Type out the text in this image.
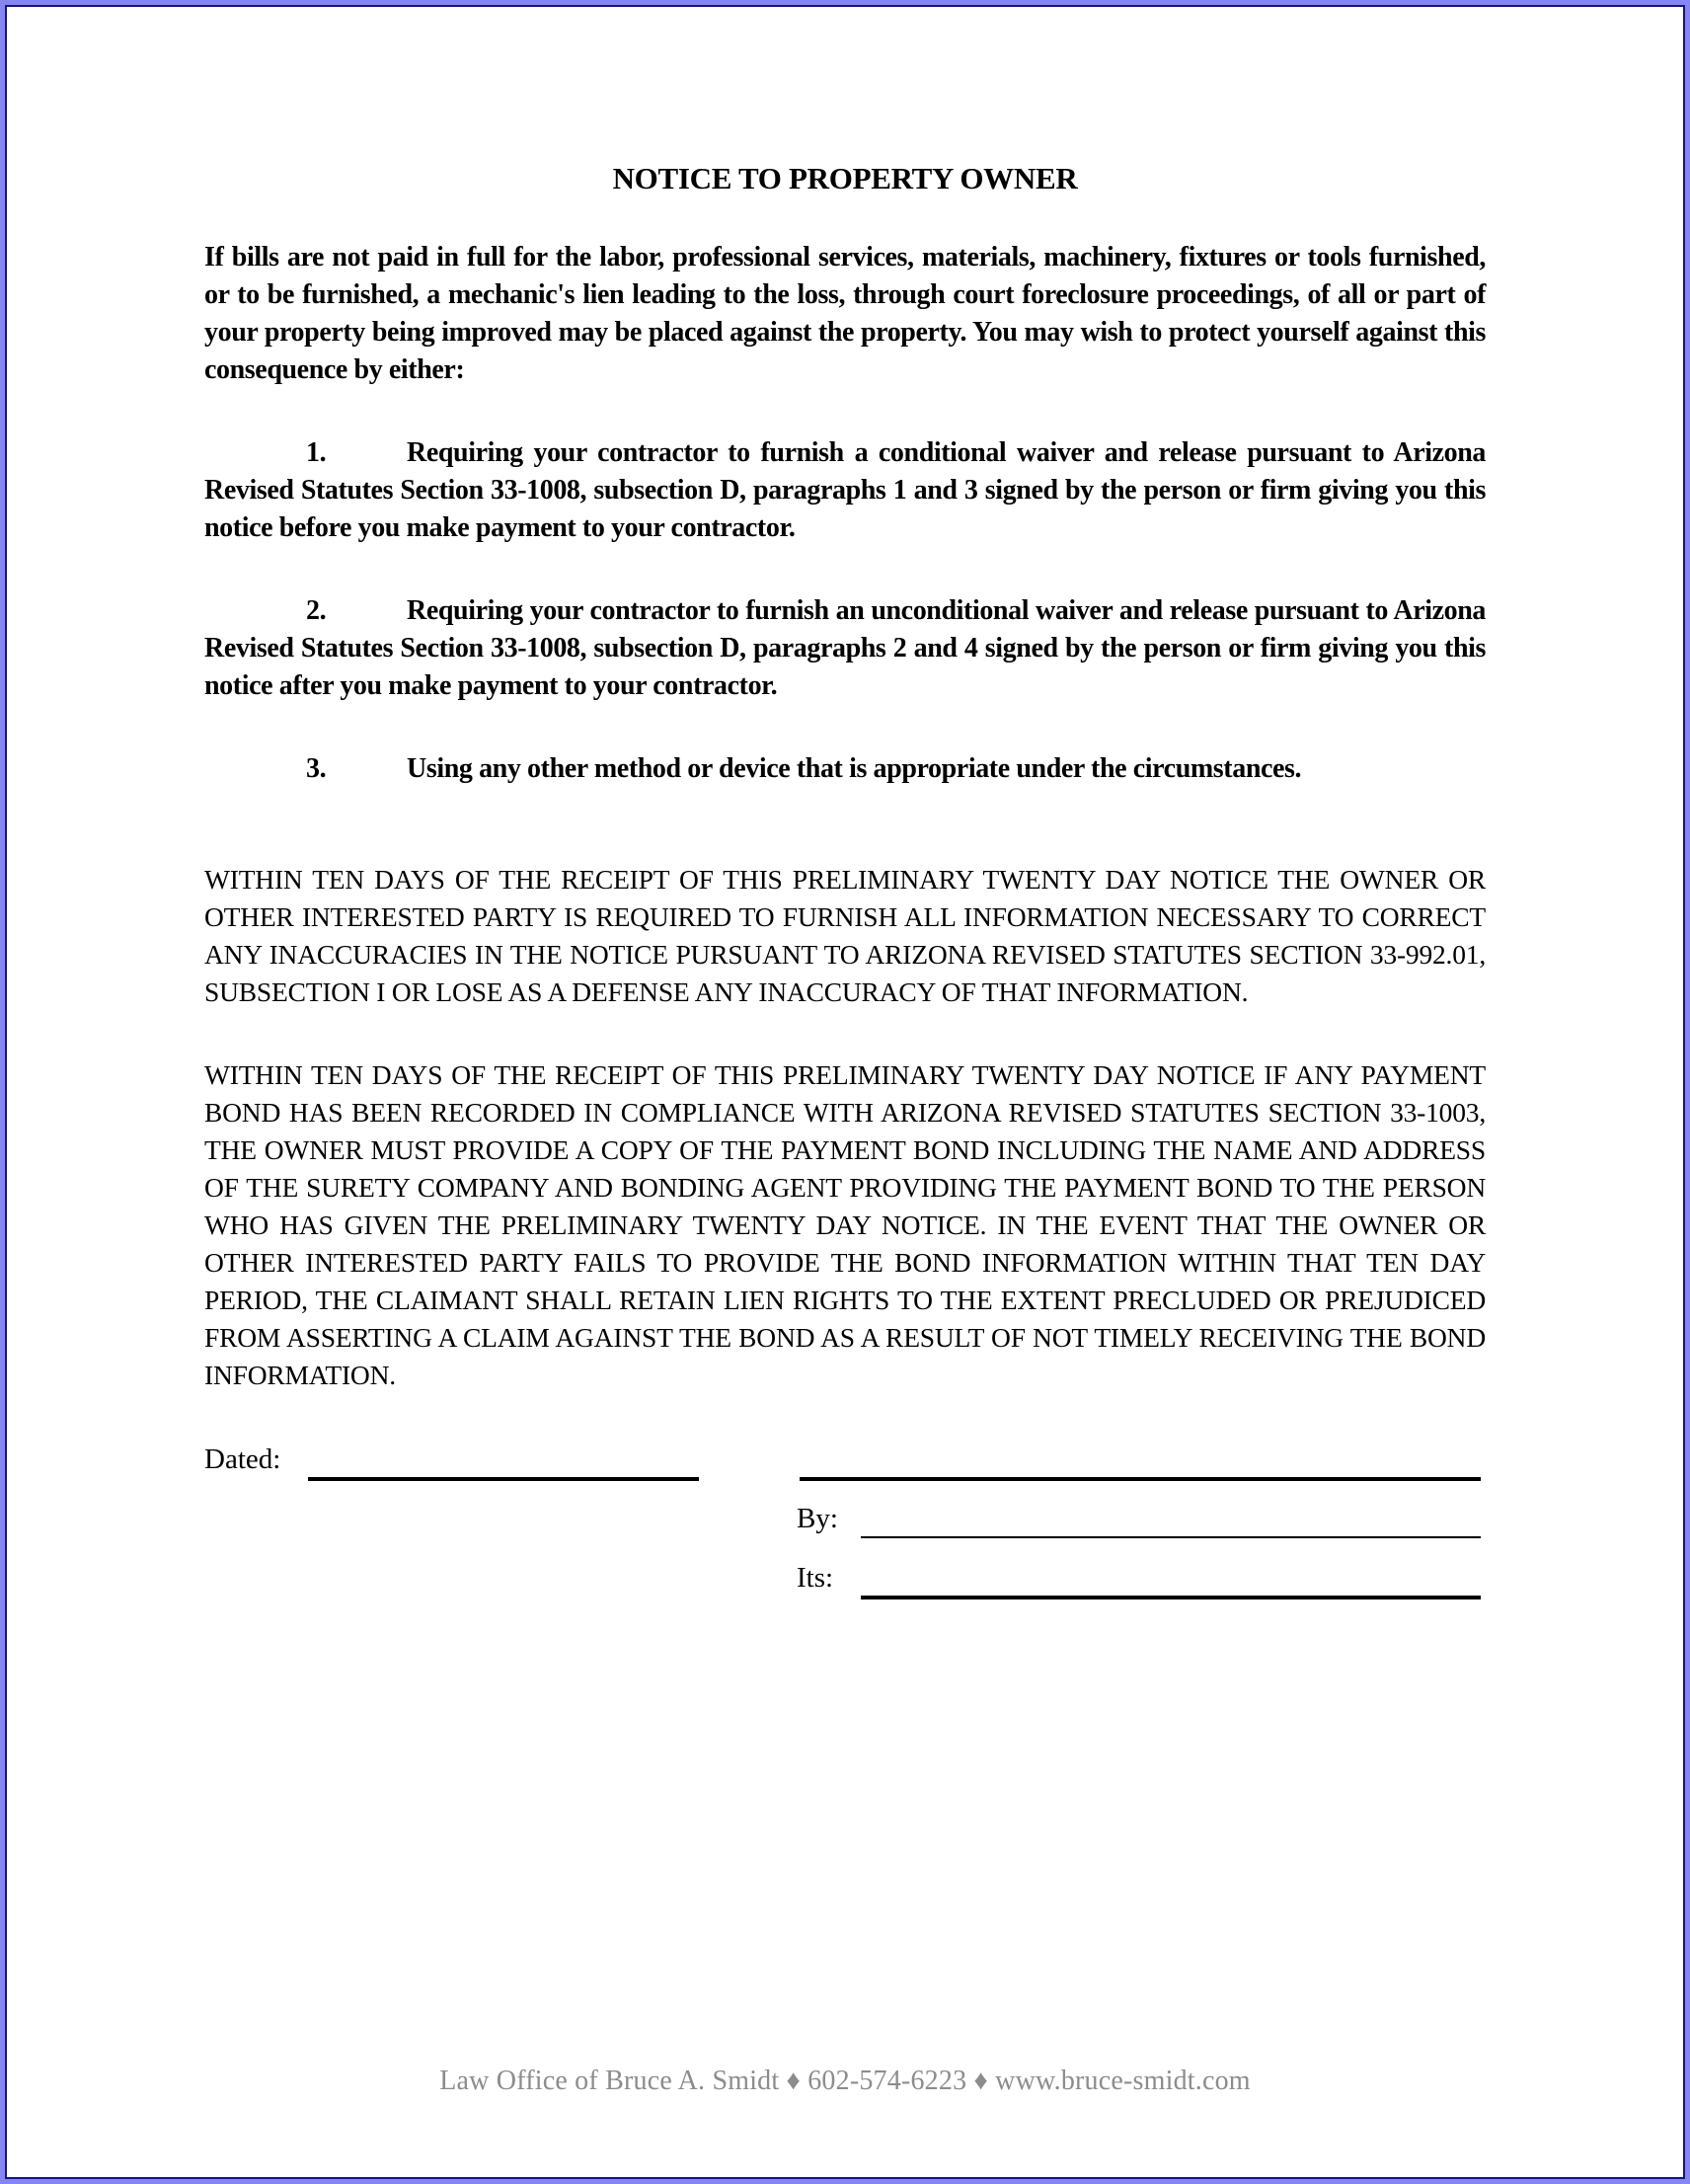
NOTICE TO PROPERTY OWNER

If bills are not paid in full for the labor, professional services, materials, machinery, fixtures or tools furnished, or to be furnished, a mechanic's lien leading to the loss, through court foreclosure proceedings, of all or part of your property being improved may be placed against the property. You may wish to protect yourself against this consequence by either:

1.	Requiring your contractor to furnish a conditional waiver and release pursuant to Arizona Revised Statutes Section 33-1008, subsection D, paragraphs 1 and 3 signed by the person or firm giving you this notice before you make payment to your contractor.

2.	Requiring your contractor to furnish an unconditional waiver and release pursuant to Arizona Revised Statutes Section 33-1008, subsection D, paragraphs 2 and 4 signed by the person or firm giving you this notice after you make payment to your contractor.

3.	Using any other method or device that is appropriate under the circumstances.

WITHIN TEN DAYS OF THE RECEIPT OF THIS PRELIMINARY TWENTY DAY NOTICE THE OWNER OR OTHER INTERESTED PARTY IS REQUIRED TO FURNISH ALL INFORMATION NECESSARY TO CORRECT ANY INACCURACIES IN THE NOTICE PURSUANT TO ARIZONA REVISED STATUTES SECTION 33-992.01, SUBSECTION I OR LOSE AS A DEFENSE ANY INACCURACY OF THAT INFORMATION.

WITHIN TEN DAYS OF THE RECEIPT OF THIS PRELIMINARY TWENTY DAY NOTICE IF ANY PAYMENT BOND HAS BEEN RECORDED IN COMPLIANCE WITH ARIZONA REVISED STATUTES SECTION 33-1003, THE OWNER MUST PROVIDE A COPY OF THE PAYMENT BOND INCLUDING THE NAME AND ADDRESS OF THE SURETY COMPANY AND BONDING AGENT PROVIDING THE PAYMENT BOND TO THE PERSON WHO HAS GIVEN THE PRELIMINARY TWENTY DAY NOTICE. IN THE EVENT THAT THE OWNER OR OTHER INTERESTED PARTY FAILS TO PROVIDE THE BOND INFORMATION WITHIN THAT TEN DAY PERIOD, THE CLAIMANT SHALL RETAIN LIEN RIGHTS TO THE EXTENT PRECLUDED OR PREJUDICED FROM ASSERTING A CLAIM AGAINST THE BOND AS A RESULT OF NOT TIMELY RECEIVING THE BOND INFORMATION.

Dated:
By:
Its:
Law Office of Bruce A. Smidt ♦ 602-574-6223 ♦ www.bruce-smidt.com
